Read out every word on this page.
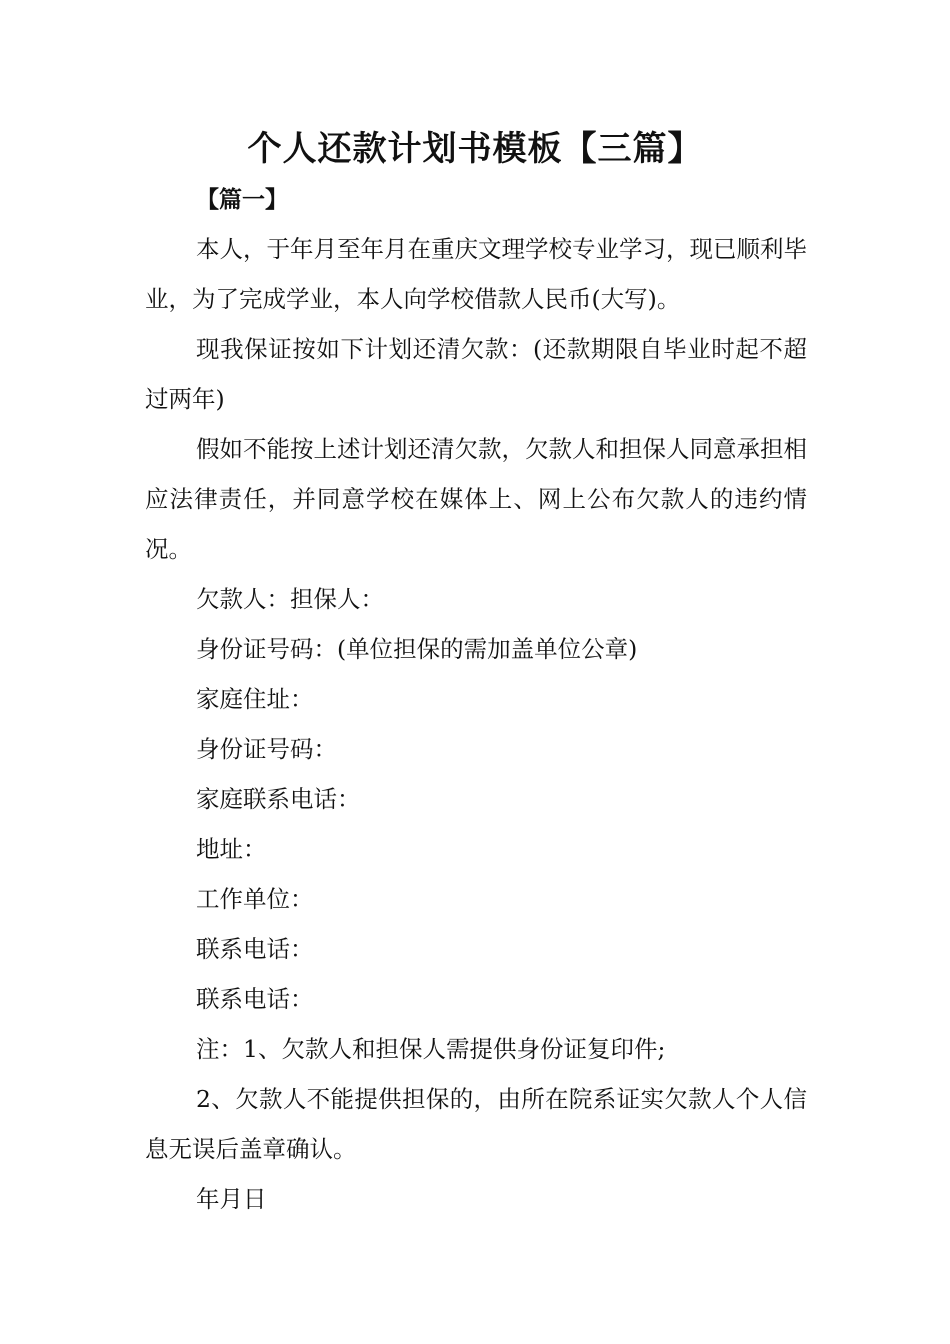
个人还款计划书模板【三篇】
【篇一】

本人，于年月至年月在重庆文理学校专业学习，现已顺利毕业，为了完成学业，本人向学校借款人民币(大写)。

现我保证按如下计划还清欠款：(还款期限自毕业时起不超过两年)

假如不能按上述计划还清欠款，欠款人和担保人同意承担相应法律责任，并同意学校在媒体上、网上公布欠款人的违约情况。

欠款人：担保人：

身份证号码：(单位担保的需加盖单位公章)

家庭住址：

身份证号码：

家庭联系电话：

地址：

工作单位：

联系电话：

联系电话：

注：1、欠款人和担保人需提供身份证复印件;

2、欠款人不能提供担保的，由所在院系证实欠款人个人信息无误后盖章确认。

年月日
